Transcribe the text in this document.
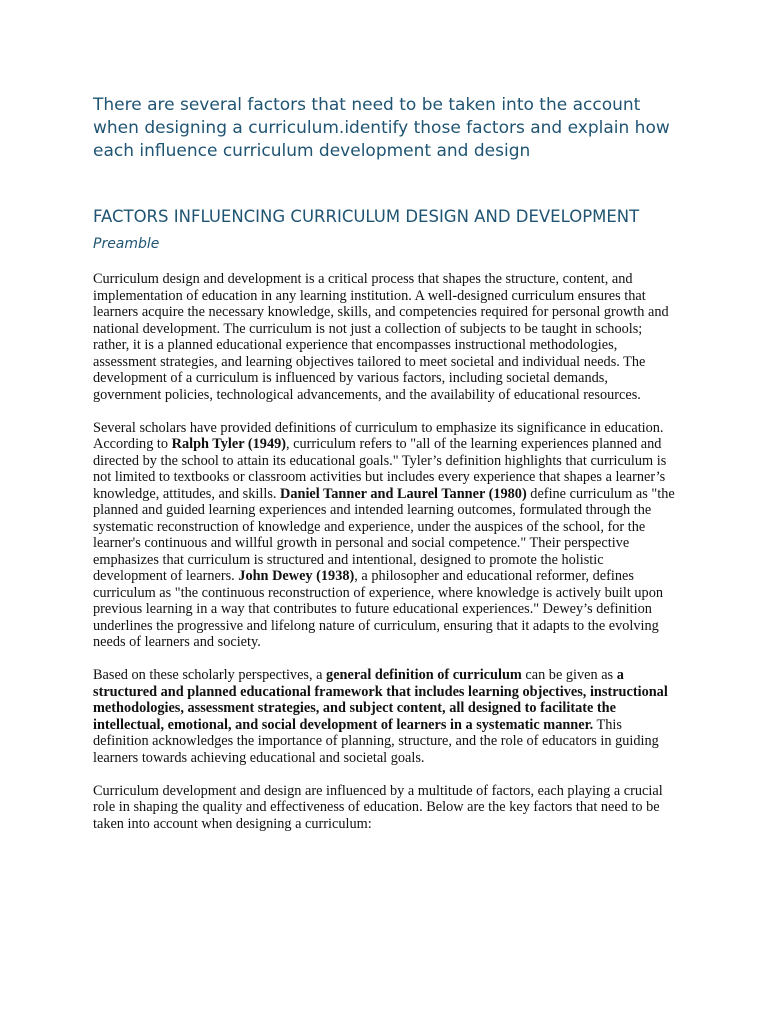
There are several factors that need to be taken into the account when designing a curriculum.identify those factors and explain how each influence curriculum development and design
FACTORS INFLUENCING CURRICULUM DESIGN AND DEVELOPMENT
Preamble

Curriculum design and development is a critical process that shapes the structure, content, and implementation of education in any learning institution. A well-designed curriculum ensures that learners acquire the necessary knowledge, skills, and competencies required for personal growth and national development. The curriculum is not just a collection of subjects to be taught in schools; rather, it is a planned educational experience that encompasses instructional methodologies, assessment strategies, and learning objectives tailored to meet societal and individual needs. The development of a curriculum is influenced by various factors, including societal demands, government policies, technological advancements, and the availability of educational resources.

Several scholars have provided definitions of curriculum to emphasize its significance in education. According to Ralph Tyler (1949), curriculum refers to "all of the learning experiences planned and directed by the school to attain its educational goals." Tyler’s definition highlights that curriculum is not limited to textbooks or classroom activities but includes every experience that shapes a learner’s knowledge, attitudes, and skills. Daniel Tanner and Laurel Tanner (1980) define curriculum as "the planned and guided learning experiences and intended learning outcomes, formulated through the systematic reconstruction of knowledge and experience, under the auspices of the school, for the learner's continuous and willful growth in personal and social competence." Their perspective emphasizes that curriculum is structured and intentional, designed to promote the holistic development of learners. John Dewey (1938), a philosopher and educational reformer, defines curriculum as "the continuous reconstruction of experience, where knowledge is actively built upon previous learning in a way that contributes to future educational experiences." Dewey’s definition underlines the progressive and lifelong nature of curriculum, ensuring that it adapts to the evolving needs of learners and society.

Based on these scholarly perspectives, a general definition of curriculum can be given as a structured and planned educational framework that includes learning objectives, instructional methodologies, assessment strategies, and subject content, all designed to facilitate the intellectual, emotional, and social development of learners in a systematic manner. This definition acknowledges the importance of planning, structure, and the role of educators in guiding learners towards achieving educational and societal goals.

Curriculum development and design are influenced by a multitude of factors, each playing a crucial role in shaping the quality and effectiveness of education. Below are the key factors that need to be taken into account when designing a curriculum:
